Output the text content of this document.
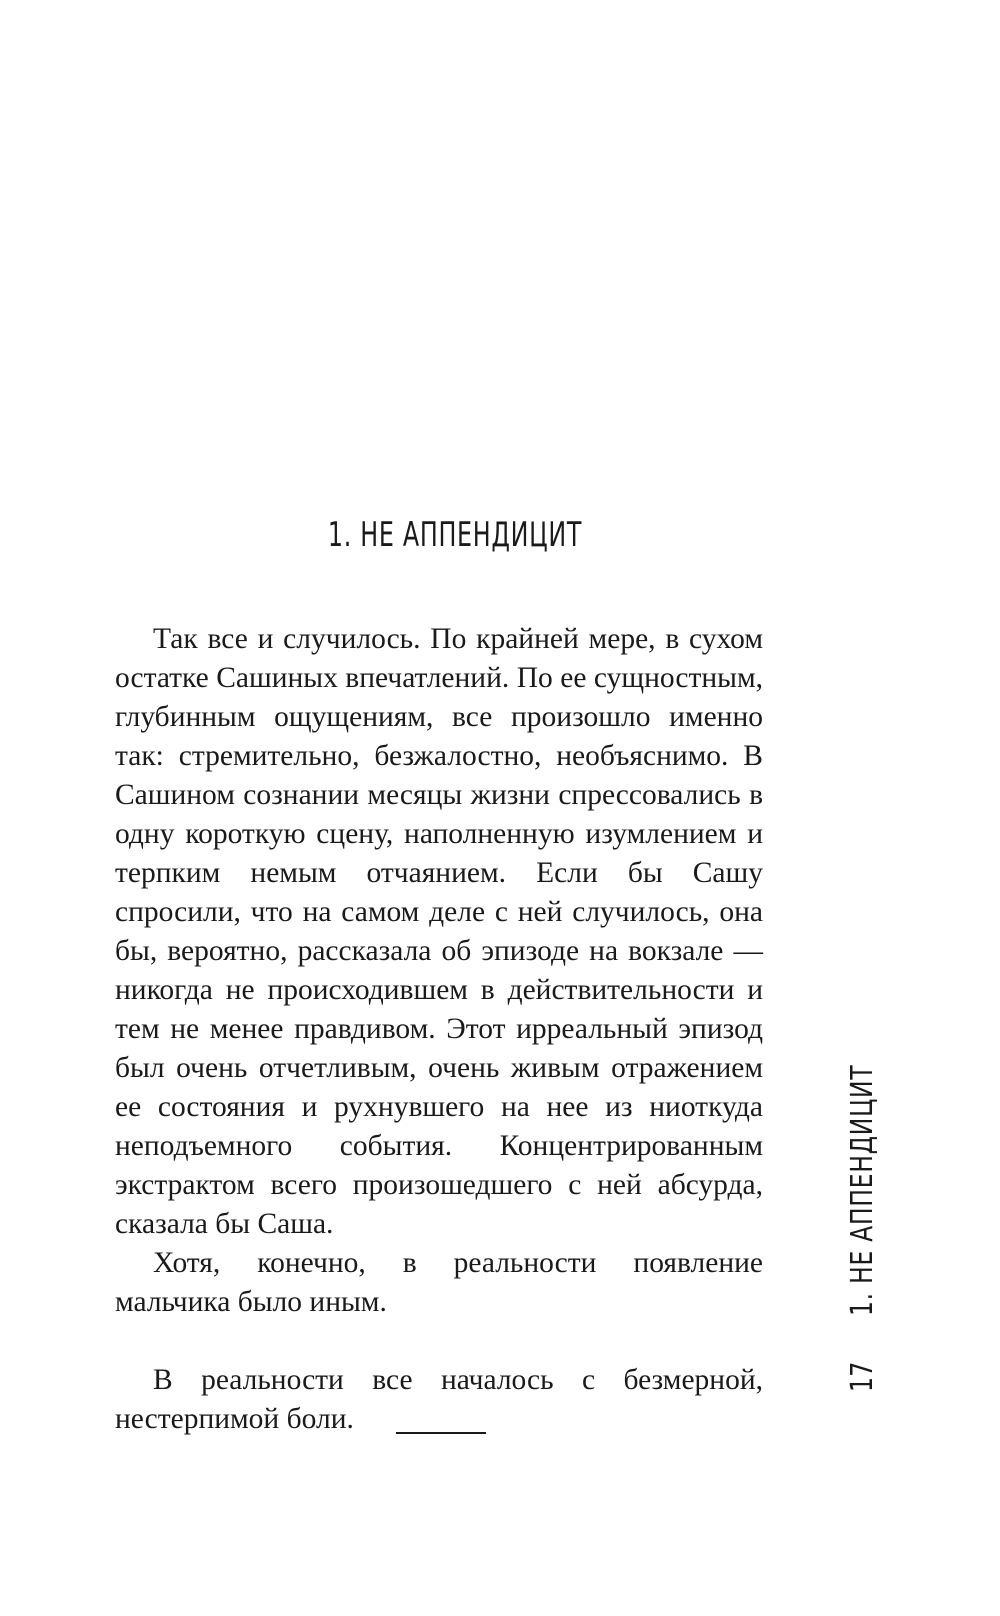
1. НЕ АППЕНДИЦИТ

Так все и случилось. По крайней мере, в сухом остатке Сашиных впечатлений. По ее сущностным, глубинным ощущениям, все произошло именно так: стремительно, безжалостно, необъяснимо. В Сашином сознании месяцы жизни спрессовались в одну короткую сцену, наполненную изумлением и терпким немым отчаянием. Если бы Сашу спросили, что на самом деле с ней случилось, она бы, вероятно, рассказала об эпизоде на вокзале — никогда не происходившем в действительности и тем не менее правдивом. Этот ирреальный эпизод был очень отчетливым, очень живым отражением ее состояния и рухнувшего на нее из ниоткуда неподъемного события. Концентрированным экстрактом всего произошедшего с ней абсурда, сказала бы Саша.

Хотя, конечно, в реальности появление мальчика было иным.

В реальности все началось с безмерной, нестерпимой боли.

171. НЕ АППЕНДИЦИТ
